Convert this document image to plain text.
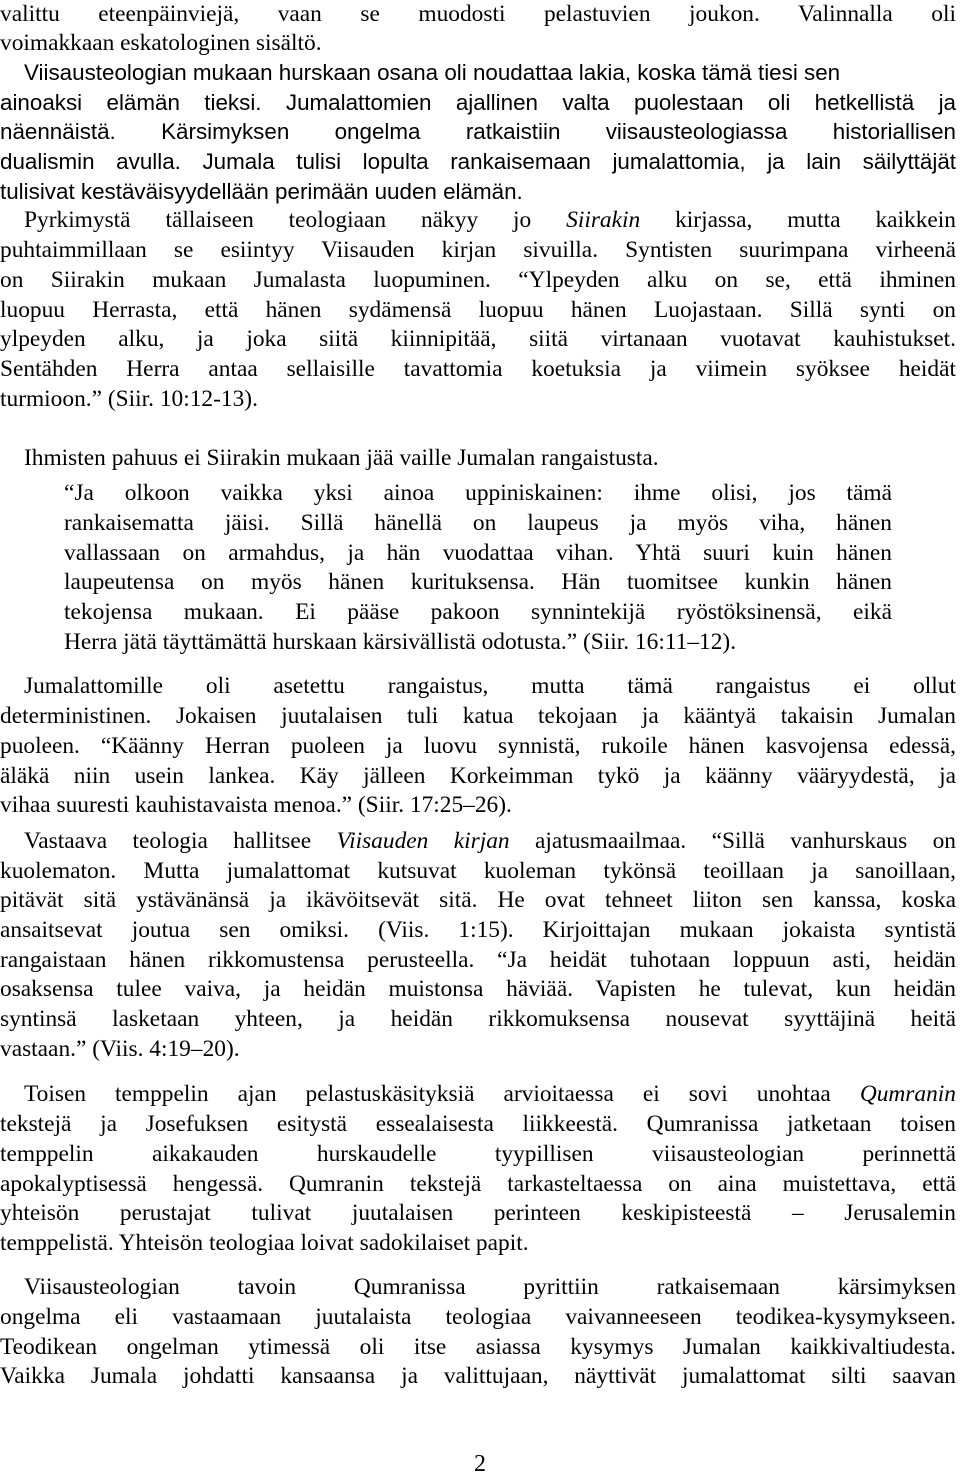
valittu eteenpäinviejä, vaan se muodosti pelastuvien joukon. Valinnalla oli
voimakkaan eskatologinen sisältö.
Viisausteologian mukaan hurskaan osana oli noudattaa lakia, koska tämä tiesi sen
ainoaksi elämän tieksi. Jumalattomien ajallinen valta puolestaan oli hetkellistä ja
näennäistä. Kärsimyksen ongelma ratkaistiin viisausteologiassa historiallisen
dualismin avulla. Jumala tulisi lopulta rankaisemaan jumalattomia, ja lain säilyttäjät
tulisivat kestäväisyydellään perimään uuden elämän.
Pyrkimystä tällaiseen teologiaan näkyy jo Siirakin kirjassa, mutta kaikkein
puhtaimmillaan se esiintyy Viisauden kirjan sivuilla. Syntisten suurimpana virheenä
on Siirakin mukaan Jumalasta luopuminen. “Ylpeyden alku on se, että ihminen
luopuu Herrasta, että hänen sydämensä luopuu hänen Luojastaan. Sillä synti on
ylpeyden alku, ja joka siitä kiinnipitää, siitä virtanaan vuotavat kauhistukset.
Sentähden Herra antaa sellaisille tavattomia koetuksia ja viimein syöksee heidät
turmioon.” (Siir. 10:12-13).
Ihmisten pahuus ei Siirakin mukaan jää vaille Jumalan rangaistusta.
“Ja olkoon vaikka yksi ainoa uppiniskainen: ihme olisi, jos tämä
rankaisematta jäisi. Sillä hänellä on laupeus ja myös viha, hänen
vallassaan on armahdus, ja hän vuodattaa vihan. Yhtä suuri kuin hänen
laupeutensa on myös hänen kurituksensa. Hän tuomitsee kunkin hänen
tekojensa mukaan. Ei pääse pakoon synnintekijä ryöstöksinensä, eikä
Herra jätä täyttämättä hurskaan kärsivällistä odotusta.” (Siir. 16:11–12).
Jumalattomille oli asetettu rangaistus, mutta tämä rangaistus ei ollut
deterministinen. Jokaisen juutalaisen tuli katua tekojaan ja kääntyä takaisin Jumalan
puoleen. “Käänny Herran puoleen ja luovu synnistä, rukoile hänen kasvojensa edessä,
äläkä niin usein lankea. Käy jälleen Korkeimman tykö ja käänny vääryydestä, ja
vihaa suuresti kauhistavaista menoa.” (Siir. 17:25–26).
Vastaava teologia hallitsee Viisauden kirjan ajatusmaailmaa. “Sillä vanhurskaus on
kuolematon. Mutta jumalattomat kutsuvat kuoleman tykönsä teoillaan ja sanoillaan,
pitävät sitä ystävänänsä ja ikävöitsevät sitä. He ovat tehneet liiton sen kanssa, koska
ansaitsevat joutua sen omiksi. (Viis. 1:15). Kirjoittajan mukaan jokaista syntistä
rangaistaan hänen rikkomustensa perusteella. “Ja heidät tuhotaan loppuun asti, heidän
osaksensa tulee vaiva, ja heidän muistonsa häviää. Vapisten he tulevat, kun heidän
syntinsä lasketaan yhteen, ja heidän rikkomuksensa nousevat syyttäjinä heitä
vastaan.” (Viis. 4:19–20).
Toisen temppelin ajan pelastuskäsityksiä arvioitaessa ei sovi unohtaa Qumranin
tekstejä ja Josefuksen esitystä essealaisesta liikkeestä. Qumranissa jatketaan toisen
temppelin aikakauden hurskaudelle tyypillisen viisausteologian perinnettä
apokalyptisessä hengessä. Qumranin tekstejä tarkasteltaessa on aina muistettava, että
yhteisön perustajat tulivat juutalaisen perinteen keskipisteestä – Jerusalemin
temppelistä. Yhteisön teologiaa loivat sadokilaiset papit.
Viisausteologian tavoin Qumranissa pyrittiin ratkaisemaan kärsimyksen
ongelma eli vastaamaan juutalaista teologiaa vaivanneeseen teodikea-kysymykseen.
Teodikean ongelman ytimessä oli itse asiassa kysymys Jumalan kaikkivaltiudesta.
Vaikka Jumala johdatti kansaansa ja valittujaan, näyttivät jumalattomat silti saavan
2
